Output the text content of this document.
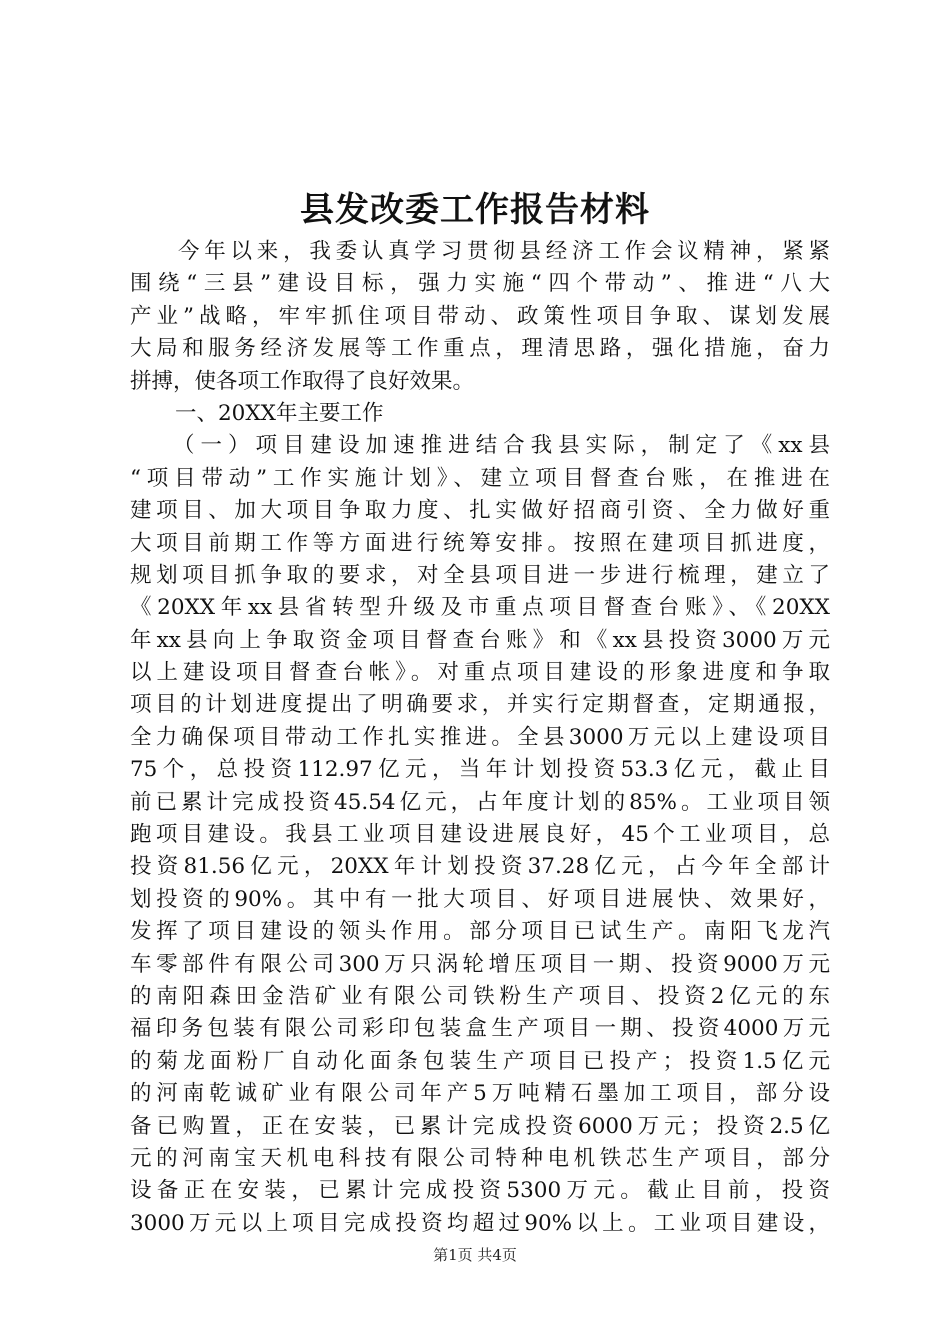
县发改委工作报告材料
今年以来，我委认真学习贯彻县经济工作会议精神，紧紧
围绕“三县”建设目标，强力实施“四个带动”、推进“八大
产业”战略，牢牢抓住项目带动、政策性项目争取、谋划发展
大局和服务经济发展等工作重点，理清思路，强化措施，奋力
拼搏，使各项工作取得了良好效果。
一、20XX年主要工作
（一）项目建设加速推进结合我县实际，制定了《xx县
“项目带动”工作实施计划》、建立项目督查台账，在推进在
建项目、加大项目争取力度、扎实做好招商引资、全力做好重
大项目前期工作等方面进行统筹安排。按照在建项目抓进度，
规划项目抓争取的要求，对全县项目进一步进行梳理，建立了
《20XX年xx县省转型升级及市重点项目督查台账》、《20XX
年xx县向上争取资金项目督查台账》和《xx县投资3000万元
以上建设项目督查台帐》。对重点项目建设的形象进度和争取
项目的计划进度提出了明确要求，并实行定期督查，定期通报，
全力确保项目带动工作扎实推进。全县3000万元以上建设项目
75个，总投资112.97亿元，当年计划投资53.3亿元，截止目
前已累计完成投资45.54亿元，占年度计划的85%。工业项目领
跑项目建设。我县工业项目建设进展良好，45个工业项目，总
投资81.56亿元，20XX年计划投资37.28亿元，占今年全部计
划投资的90%。其中有一批大项目、好项目进展快、效果好，
发挥了项目建设的领头作用。部分项目已试生产。南阳飞龙汽
车零部件有限公司300万只涡轮增压项目一期、投资9000万元
的南阳森田金浩矿业有限公司铁粉生产项目、投资2亿元的东
福印务包装有限公司彩印包装盒生产项目一期、投资4000万元
的菊龙面粉厂自动化面条包装生产项目已投产；投资1.5亿元
的河南乾诚矿业有限公司年产5万吨精石墨加工项目，部分设
备已购置，正在安装，已累计完成投资6000万元；投资2.5亿
元的河南宝天机电科技有限公司特种电机铁芯生产项目，部分
设备正在安装，已累计完成投资5300万元。截止目前，投资
3000万元以上项目完成投资均超过90%以上。工业项目建设，
第1页 共4页
